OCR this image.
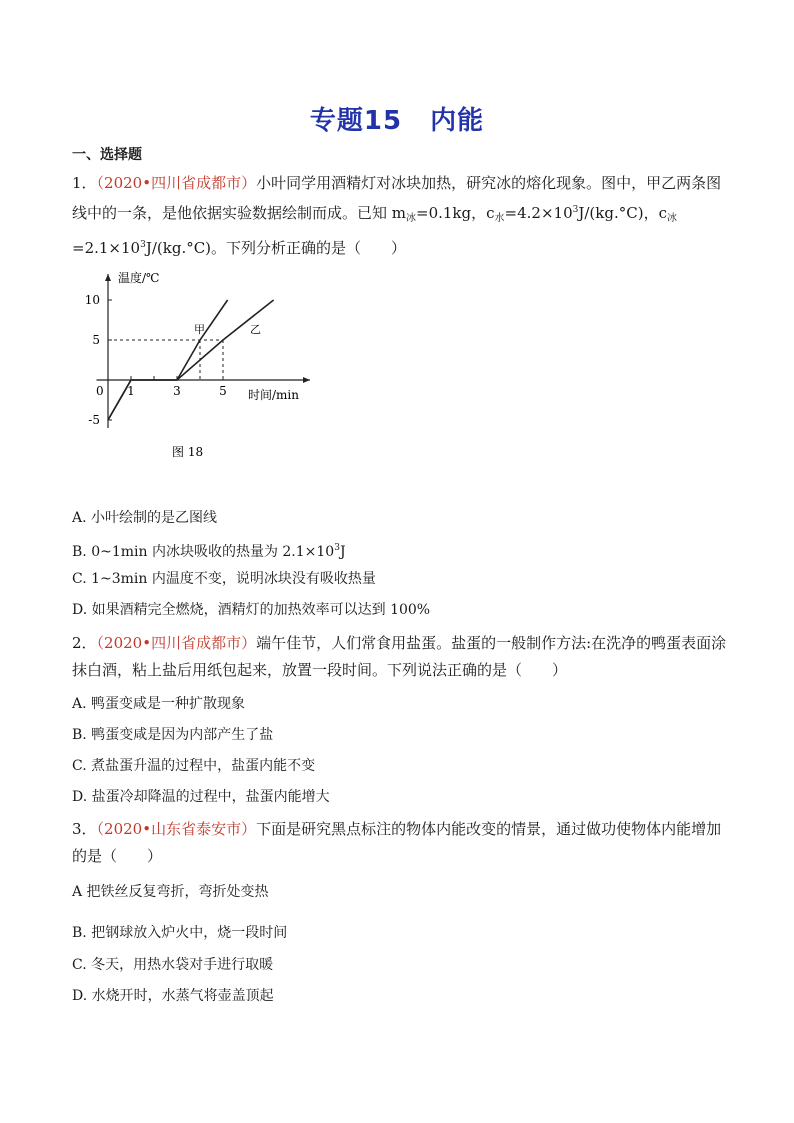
专题15 内能
一、选择题
1．（2020•四川省成都市）小叶同学用酒精灯对冰块加热，研究冰的熔化现象。图中，甲乙两条图线中的一条，是他依据实验数据绘制而成。已知 $m_冰=0.1kg$，$c_水=4.2\times 10^3J/(kg.^\circ C)$，$c_冰=2.1\times 10^3J/(kg.^\circ C)$。下列分析正确的是（　　）
10
5
-5
0 1	3	5
温度/℃
时间/min
甲	乙
图 18
A. 小叶绘制的是乙图线
B. 0~1min 内冰块吸收的热量为 $2.1\times 10^3J$
C. 1~3min 内温度不变，说明冰块没有吸收热量
D. 如果酒精完全燃烧，酒精灯的加热效率可以达到 100%
2．（2020•四川省成都市）端午佳节，人们常食用盐蛋。盐蛋的一般制作方法:在洗净的鸭蛋表面涂抹白酒，粘上盐后用纸包起来，放置一段时间。下列说法正确的是（　　）
A. 鸭蛋变咸是一种扩散现象
B. 鸭蛋变咸是因为内部产生了盐
C. 煮盐蛋升温的过程中，盐蛋内能不变
D. 盐蛋冷却降温的过程中，盐蛋内能增大
3．（2020•山东省泰安市）下面是研究黑点标注的物体内能改变的情景，通过做功使物体内能增加的是（　　）
A 把铁丝反复弯折，弯折处变热
B. 把钢球放入炉火中，烧一段时间
C. 冬天，用热水袋对手进行取暖
D. 水烧开时，水蒸气将壶盖顶起
